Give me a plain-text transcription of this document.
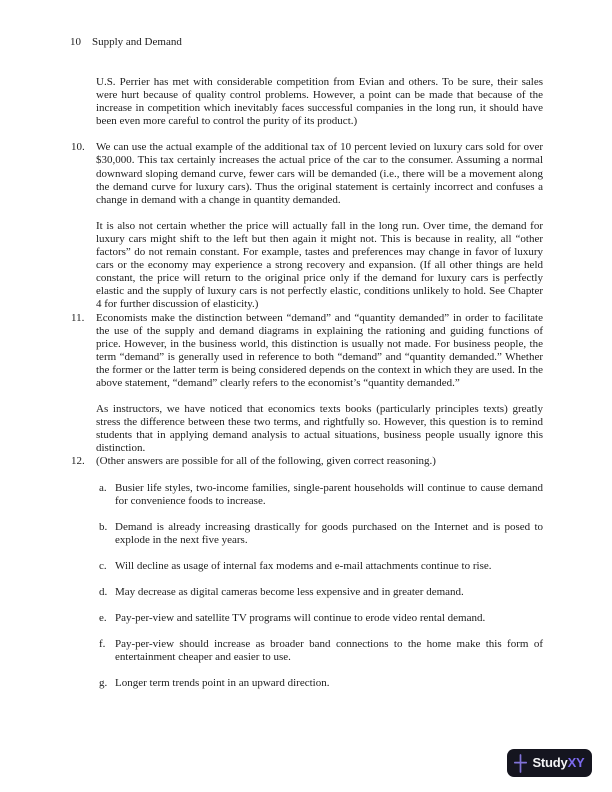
10 Supply and Demand

U.S. Perrier has met with considerable competition from Evian and others. To be sure, their sales were hurt because of quality control problems. However, a point can be made that because of the increase in competition which inevitably faces successful companies in the long run, it should have been even more careful to control the purity of its product.)

10.	We can use the actual example of the additional tax of 10 percent levied on luxury cars sold for over $30,000. This tax certainly increases the actual price of the car to the consumer. Assuming a normal downward sloping demand curve, fewer cars will be demanded (i.e., there will be a movement along the demand curve for luxury cars). Thus the original statement is certainly incorrect and confuses a change in demand with a change in quantity demanded.

It is also not certain whether the price will actually fall in the long run. Over time, the demand for luxury cars might shift to the left but then again it might not. This is because in reality, all “other factors” do not remain constant. For example, tastes and preferences may change in favor of luxury cars or the economy may experience a strong recovery and expansion. (If all other things are held constant, the price will return to the original price only if the demand for luxury cars is perfectly elastic and the supply of luxury cars is not perfectly elastic, conditions unlikely to hold. See Chapter 4 for further discussion of elasticity.)

11.	Economists make the distinction between “demand” and “quantity demanded” in order to facilitate the use of the supply and demand diagrams in explaining the rationing and guiding functions of price. However, in the business world, this distinction is usually not made. For business people, the term “demand” is generally used in reference to both “demand” and “quantity demanded.” Whether the former or the latter term is being considered depends on the context in which they are used. In the above statement, “demand” clearly refers to the economist’s “quantity demanded.”

As instructors, we have noticed that economics texts books (particularly principles texts) greatly stress the difference between these two terms, and rightfully so. However, this question is to remind students that in applying demand analysis to actual situations, business people usually ignore this distinction.

12.	(Other answers are possible for all of the following, given correct reasoning.)

a. Busier life styles, two-income families, single-parent households will continue to cause demand for convenience foods to increase.

b. Demand is already increasing drastically for goods purchased on the Internet and is posed to explode in the next five years.

c. Will decline as usage of internal fax modems and e-mail attachments continue to rise.

d. May decrease as digital cameras become less expensive and in greater demand.

e. Pay-per-view and satellite TV programs will continue to erode video rental demand.

f. Pay-per-view should increase as broader band connections to the home make this form of entertainment cheaper and easier to use.

g. Longer term trends point in an upward direction.

StudyXY
